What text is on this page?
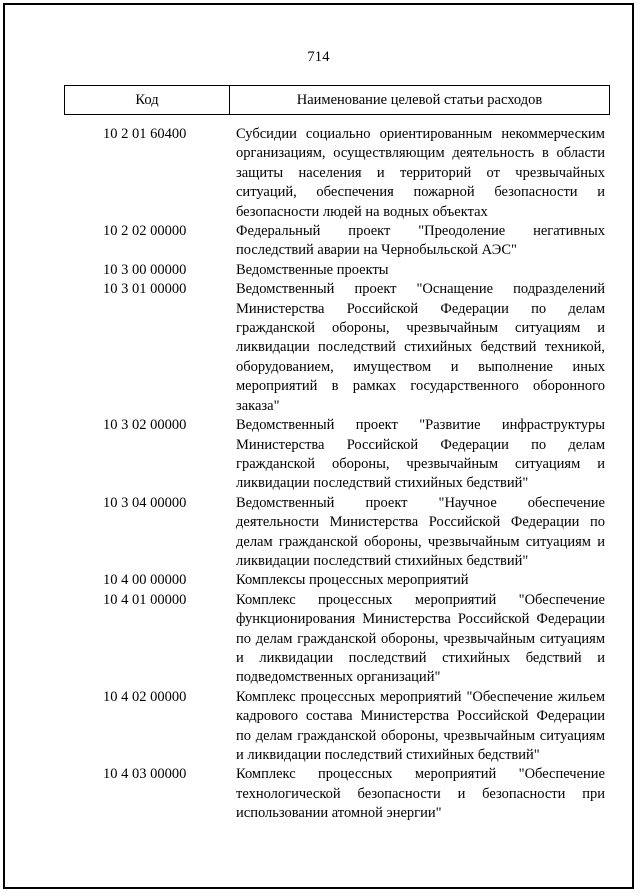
714
Код	Наименование целевой статьи расходов
10 2 01 60400	Субсидии социально ориентированным некоммерческим организациям, осуществляющим деятельность в области защиты населения и территорий от чрезвычайных ситуаций, обеспечения пожарной безопасности и безопасности людей на водных объектах
10 2 02 00000	Федеральный проект "Преодоление негативных последствий аварии на Чернобыльской АЭС"
10 3 00 00000	Ведомственные проекты
10 3 01 00000	Ведомственный проект "Оснащение подразделений Министерства Российской Федерации по делам гражданской обороны, чрезвычайным ситуациям и ликвидации последствий стихийных бедствий техникой, оборудованием, имуществом и выполнение иных мероприятий в рамках государственного оборонного заказа"
10 3 02 00000	Ведомственный проект "Развитие инфраструктуры Министерства Российской Федерации по делам гражданской обороны, чрезвычайным ситуациям и ликвидации последствий стихийных бедствий"
10 3 04 00000	Ведомственный проект "Научное обеспечение деятельности Министерства Российской Федерации по делам гражданской обороны, чрезвычайным ситуациям и ликвидации последствий стихийных бедствий"
10 4 00 00000	Комплексы процессных мероприятий
10 4 01 00000	Комплекс процессных мероприятий "Обеспечение функционирования Министерства Российской Федерации по делам гражданской обороны, чрезвычайным ситуациям и ликвидации последствий стихийных бедствий и подведомственных организаций"
10 4 02 00000	Комплекс процессных мероприятий "Обеспечение жильем кадрового состава Министерства Российской Федерации по делам гражданской обороны, чрезвычайным ситуациям и ликвидации последствий стихийных бедствий"
10 4 03 00000	Комплекс процессных мероприятий "Обеспечение технологической безопасности и безопасности при использовании атомной энергии"
